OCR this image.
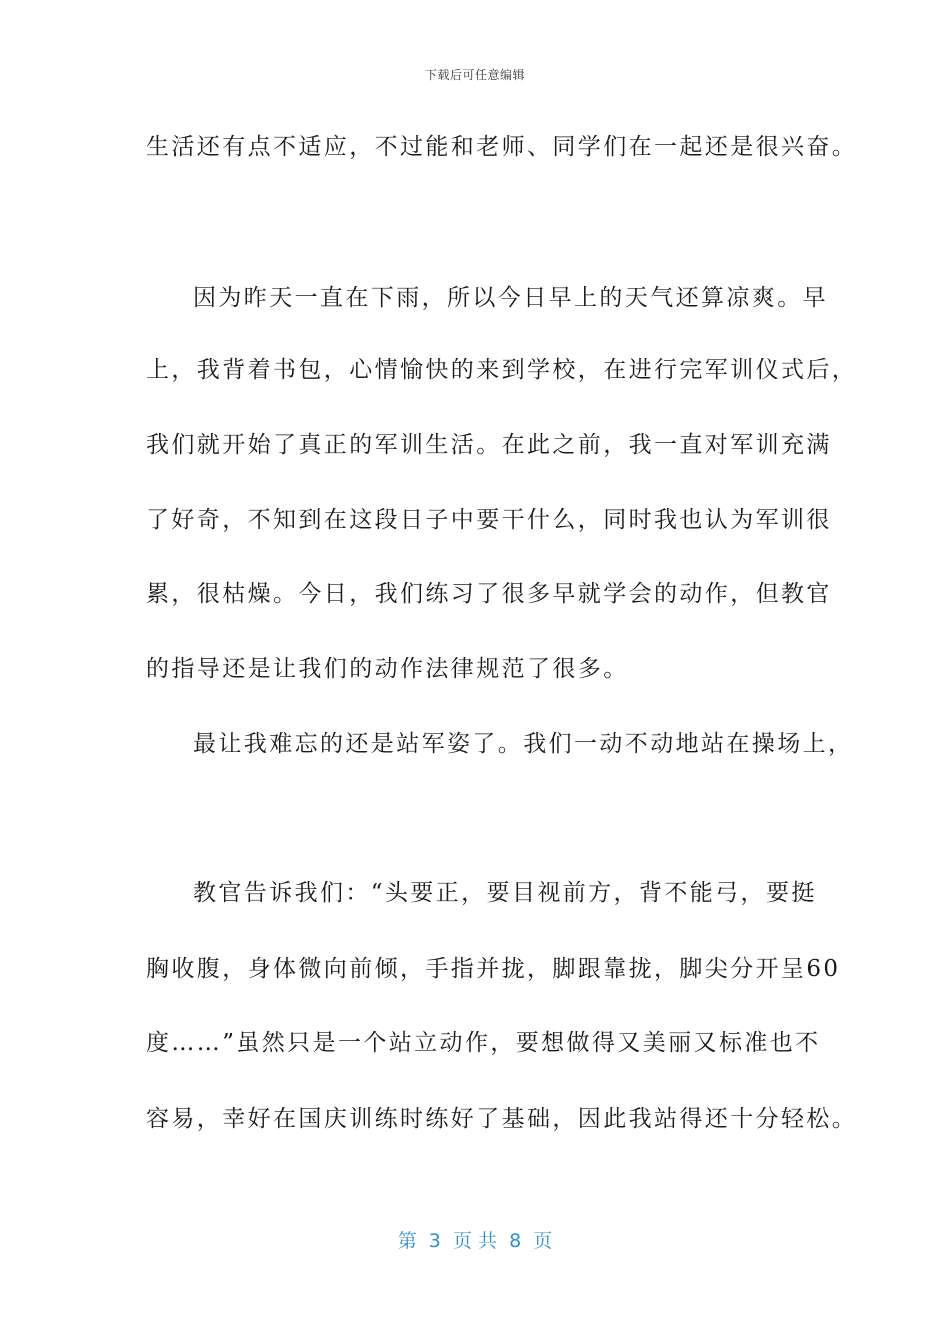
下载后可任意编辑
生活还有点不适应，不过能和老师、同学们在一起还是很兴奋。
因为昨天一直在下雨，所以今日早上的天气还算凉爽。早
上，我背着书包，心情愉快的来到学校，在进行完军训仪式后，
我们就开始了真正的军训生活。在此之前，我一直对军训充满
了好奇，不知到在这段日子中要干什么，同时我也认为军训很
累，很枯燥。今日，我们练习了很多早就学会的动作，但教官
的指导还是让我们的动作法律规范了很多。
最让我难忘的还是站军姿了。我们一动不动地站在操场上，
教官告诉我们：“头要正，要目视前方，背不能弓，要挺
胸收腹，身体微向前倾，手指并拢，脚跟靠拢，脚尖分开呈60
度……”虽然只是一个站立动作，要想做得又美丽又标准也不
容易，幸好在国庆训练时练好了基础，因此我站得还十分轻松。
第  3  页 共  8  页
